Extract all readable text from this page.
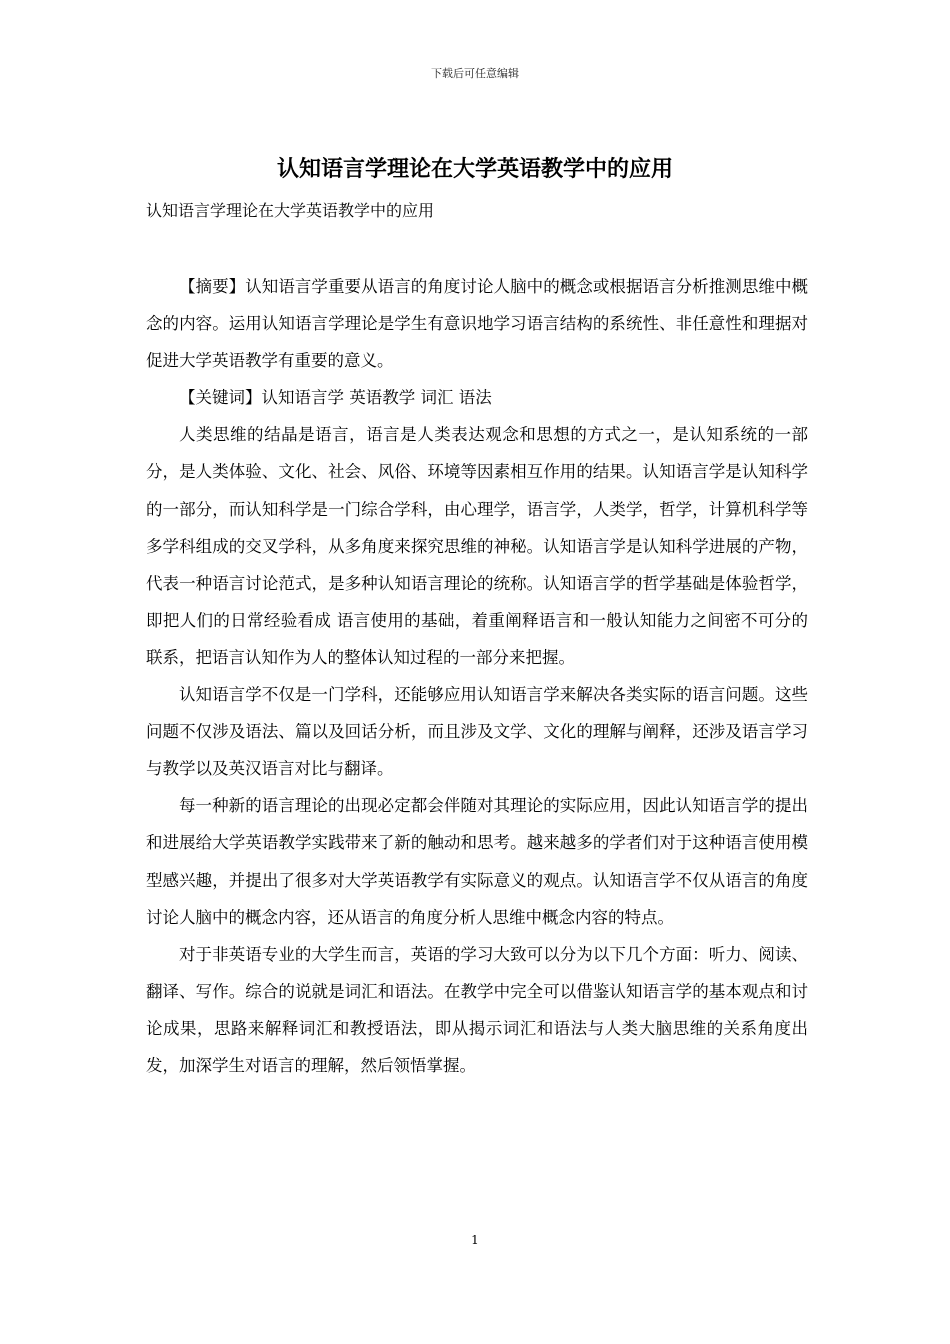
下载后可任意编辑
认知语言学理论在大学英语教学中的应用

认知语言学理论在大学英语教学中的应用

【摘要】认知语言学重要从语言的角度讨论人脑中的概念或根据语言分析推测思维中概念的内容。运用认知语言学理论是学生有意识地学习语言结构的系统性、非任意性和理据对促进大学英语教学有重要的意义。

【关键词】认知语言学 英语教学 词汇 语法

人类思维的结晶是语言，语言是人类表达观念和思想的方式之一，是认知系统的一部分，是人类体验、文化、社会、风俗、环境等因素相互作用的结果。认知语言学是认知科学的一部分，而认知科学是一门综合学科，由心理学，语言学，人类学，哲学，计算机科学等多学科组成的交叉学科，从多角度来探究思维的神秘。认知语言学是认知科学进展的产物，代表一种语言讨论范式，是多种认知语言理论的统称。认知语言学的哲学基础是体验哲学，即把人们的日常经验看成 语言使用的基础，着重阐释语言和一般认知能力之间密不可分的联系，把语言认知作为人的整体认知过程的一部分来把握。

认知语言学不仅是一门学科，还能够应用认知语言学来解决各类实际的语言问题。这些问题不仅涉及语法、篇以及回话分析，而且涉及文学、文化的理解与阐释，还涉及语言学习与教学以及英汉语言对比与翻译。

每一种新的语言理论的出现必定都会伴随对其理论的实际应用，因此认知语言学的提出和进展给大学英语教学实践带来了新的触动和思考。越来越多的学者们对于这种语言使用模型感兴趣，并提出了很多对大学英语教学有实际意义的观点。认知语言学不仅从语言的角度讨论人脑中的概念内容，还从语言的角度分析人思维中概念内容的特点。

对于非英语专业的大学生而言，英语的学习大致可以分为以下几个方面：听力、阅读、翻译、写作。综合的说就是词汇和语法。在教学中完全可以借鉴认知语言学的基本观点和讨论成果，思路来解释词汇和教授语法，即从揭示词汇和语法与人类大脑思维的关系角度出发，加深学生对语言的理解，然后领悟掌握。

1
